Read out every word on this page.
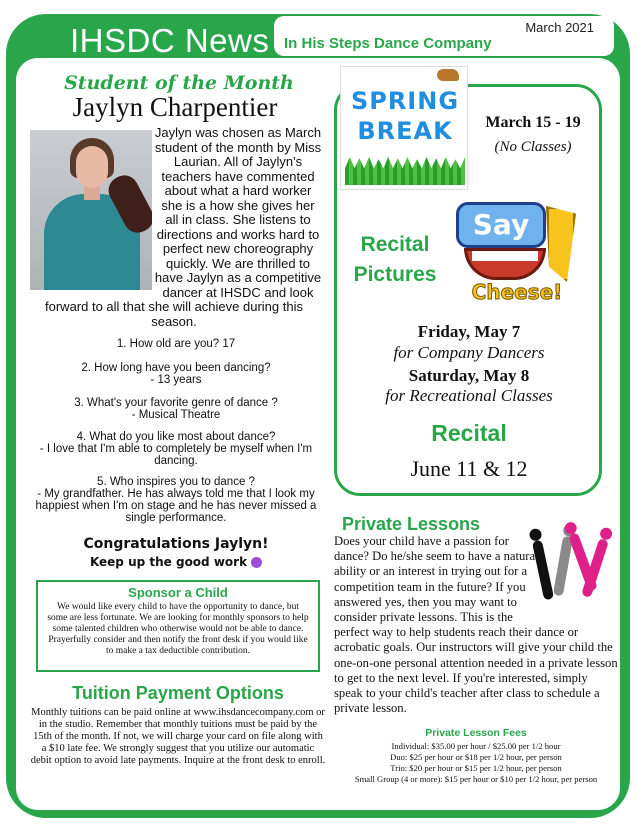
IHSDC News	March 2021
In His Steps Dance Company
Student of the Month
Jaylyn Charpentier
Jaylyn was chosen as March student of the month by Miss Laurian. All of Jaylyn's teachers have commented about what a hard worker she is a how she gives her all in class. She listens to directions and works hard to perfect new choreography quickly. We are thrilled to have Jaylyn as a competitive dancer at IHSDC and look forward to all that she will achieve during this season.
1. How old are you? 17
2. How long have you been dancing?
- 13 years
3. What's your favorite genre of dance ?
- Musical Theatre
4. What do you like most about dance?
- I love that I'm able to completely be myself when I'm dancing.
5. Who inspires you to dance ?
- My grandfather. He has always told me that I look my happiest when I'm on stage and he has never missed a single performance.
Congratulations Jaylyn!
Keep up the good work
Sponsor a Child
We would like every child to have the opportunity to dance, but some are less fortunate. We are looking for monthly sponsors to help some talented children who otherwise would not be able to dance. Prayerfully consider and then notify the front desk if you would like to make a tax deductible contribution.
Tuition Payment Options
Monthly tuitions can be paid online at www.ihsdancecompany.com or in the studio. Remember that monthly tuitions must be paid by the 15th of the month. If not, we will charge your card on file along with a $10 late fee. We strongly suggest that you utilize our automatic debit option to avoid late payments. Inquire at the front desk to enroll.
SPRING
BREAK	March 15 - 19
(No Classes)
Recital
Pictures
Say
Cheese!
Friday, May 7
for Company Dancers
Saturday, May 8
for Recreational Classes
Recital
June 11 & 12
Private Lessons
Does your child have a passion for dance? Do he/she seem to have a natural ability or an interest in trying out for a competition team in the future? If you answered yes, then you may want to consider private lessons. This is the perfect way to help students reach their dance or acrobatic goals. Our instructors will give your child the one-on-one personal attention needed in a private lesson to get to the next level. If you're interested, simply speak to your child's teacher after class to schedule a private lesson.
Private Lesson Fees
Individual: $35.00 per hour / $25.00 per 1/2 hour
Duo: $25 per hour or $18 per 1/2 hour, per person
Trio: $20 per hour or $15 per 1/2 hour, per person
Small Group (4 or more): $15 per hour or $10 per 1/2 hour, per person
